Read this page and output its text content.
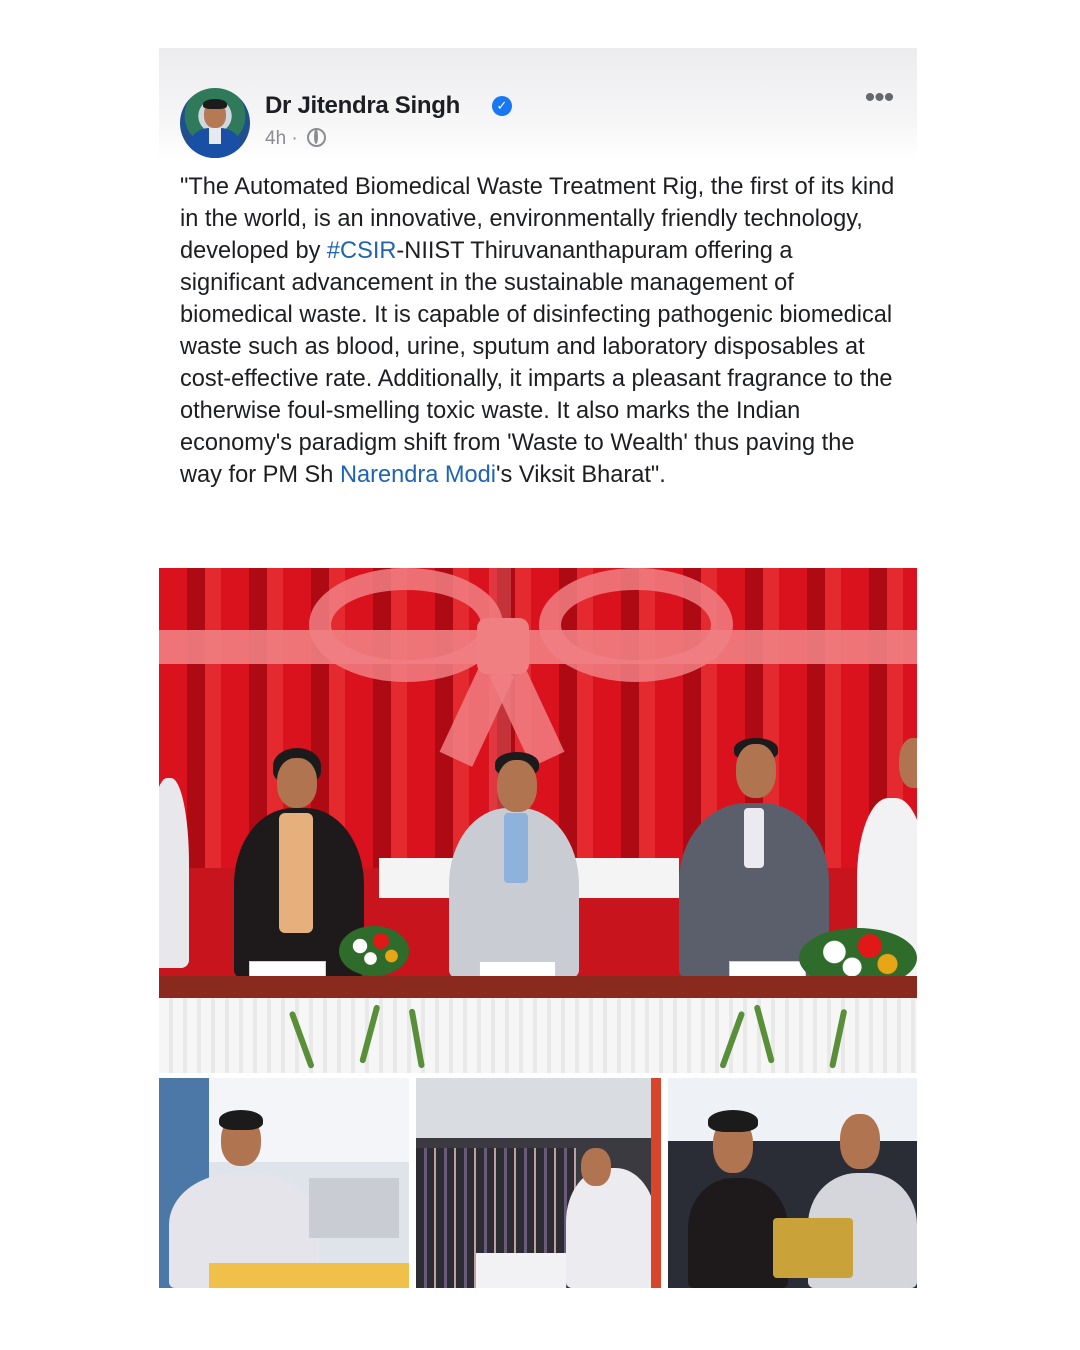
Dr Jitendra Singh	✓
4h ·
•••
"The Automated Biomedical Waste Treatment Rig, the first of its kind in the world, is an innovative, environmentally friendly technology, developed by #CSIR-NIIST Thiruvananthapuram offering a significant advancement in the sustainable management of biomedical waste. It is capable of disinfecting pathogenic biomedical waste such as blood, urine, sputum and laboratory disposables at cost-effective rate. Additionally, it imparts a pleasant fragrance to the otherwise foul-smelling toxic waste. It also marks the Indian economy's paradigm shift from 'Waste to Wealth' thus paving the way for PM Sh Narendra Modi's Viksit Bharat".
